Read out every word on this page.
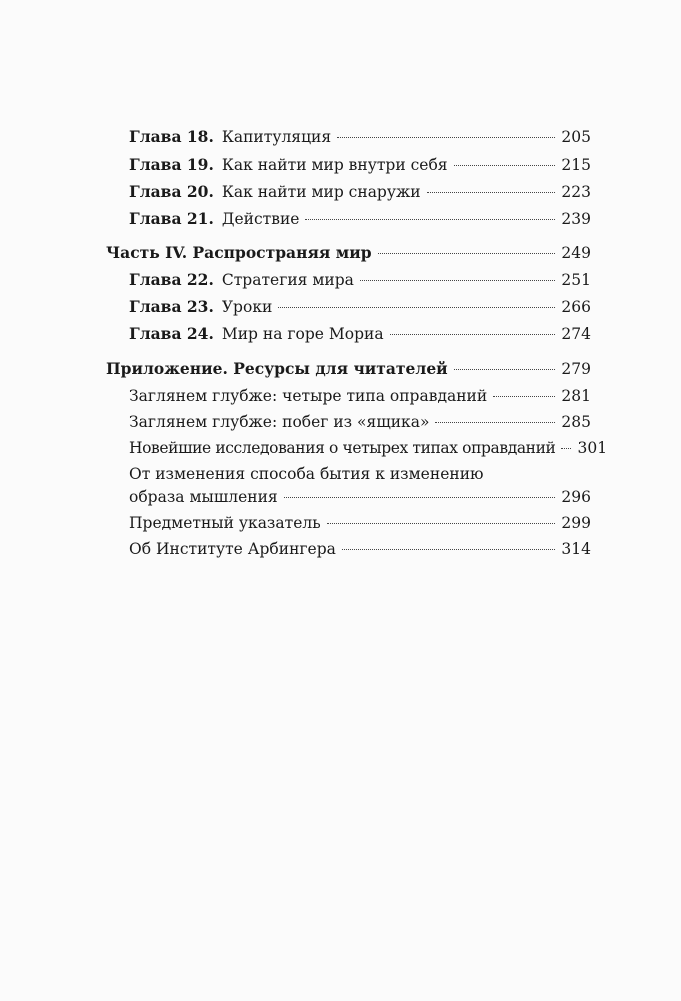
Глава 18. Капитуляция	205
Глава 19. Как найти мир внутри себя	215
Глава 20. Как найти мир снаружи	223
Глава 21. Действие	239
Часть IV. Распространяя мир	249
Глава 22. Стратегия мира	251
Глава 23. Уроки	266
Глава 24. Мир на горе Мориа	274
Приложение. Ресурсы для читателей	279
Заглянем глубже: четыре типа оправданий	281
Заглянем глубже: побег из «ящика»	285
Новейшие исследования о четырех типах оправданий 301
От изменения способа бытия к изменению
образа мышления	296
Предметный указатель	299
Об Институте Арбингера	314
